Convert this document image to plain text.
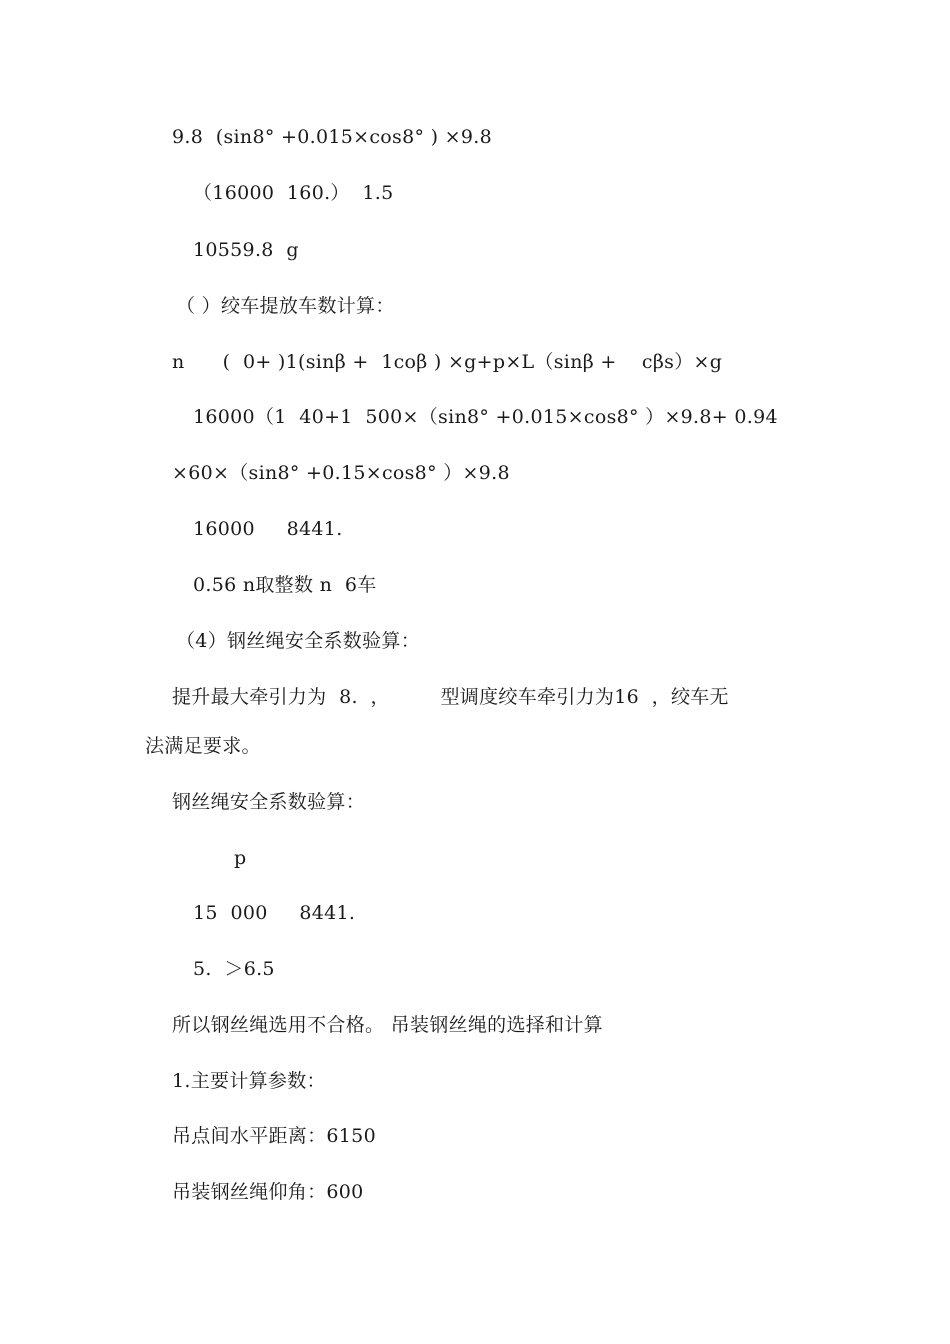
9.8  (sin8° +0.015×cos8° ) ×9.8
（16000  160.）  1.5
10559.8  g
（ ）绞车提放车数计算：
n      (  0+ )1(sinβ +  1coβ ) ×g+p×L（sinβ +    cβs）×g
16000（1  40+1  500×（sin8° +0.015×cos8° ）×9.8+ 0.94
×60×（sin8° +0.15×cos8° ）×9.8
16000     8441.
0.56 n取整数 n  6车
（4）钢丝绳安全系数验算：
提升最大牵引力为  8.  ，        型调度绞车牵引力为16  ，绞车无
法满足要求。
钢丝绳安全系数验算：
p
15  000     8441.
5.  ＞6.5
所以钢丝绳选用不合格。 吊装钢丝绳的选择和计算
1.主要计算参数：
吊点间水平距离：6150
吊装钢丝绳仰角：600
